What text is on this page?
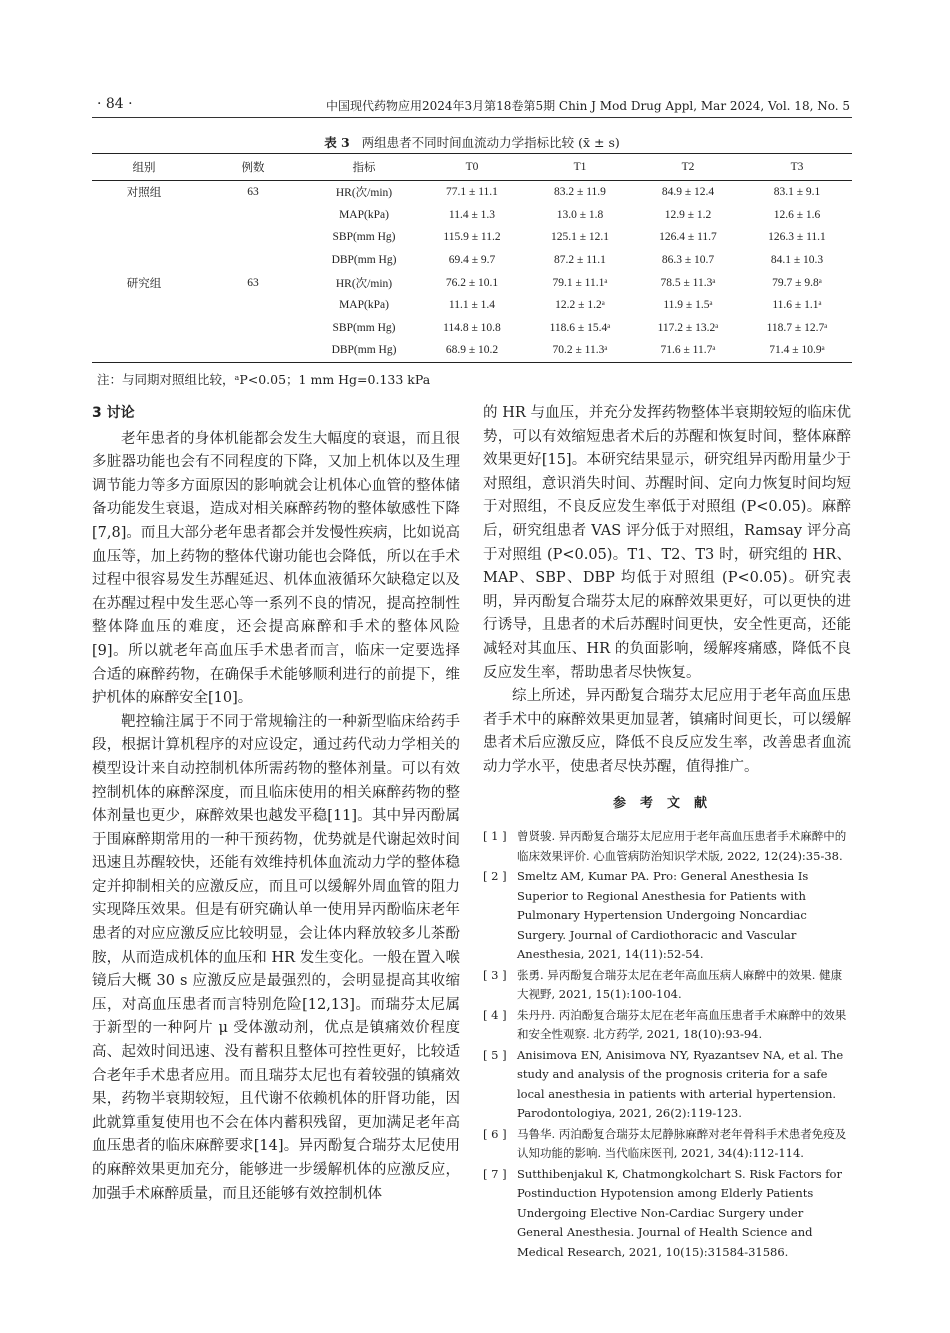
· 84 ·	中国现代药物应用2024年3月第18卷第5期 Chin J Mod Drug Appl, Mar 2024, Vol. 18, No. 5
表 3 两组患者不同时间血流动力学指标比较 (x̄ ± s)
组别	例数	指标	T0	T1	T2	T3
对照组	63	HR(次/min)	77.1 ± 11.1	83.2 ± 11.9	84.9 ± 12.4	83.1 ± 9.1
		MAP(kPa)	11.4 ± 1.3	13.0 ± 1.8	12.9 ± 1.2	12.6 ± 1.6
		SBP(mm Hg)	115.9 ± 11.2	125.1 ± 12.1	126.4 ± 11.7	126.3 ± 11.1
		DBP(mm Hg)	69.4 ± 9.7	87.2 ± 11.1	86.3 ± 10.7	84.1 ± 10.3
研究组	63	HR(次/min)	76.2 ± 10.1	79.1 ± 11.1ᵃ	78.5 ± 11.3ᵃ	79.7 ± 9.8ᵃ
		MAP(kPa)	11.1 ± 1.4	12.2 ± 1.2ᵃ	11.9 ± 1.5ᵃ	11.6 ± 1.1ᵃ
		SBP(mm Hg)	114.8 ± 10.8	118.6 ± 15.4ᵃ	117.2 ± 13.2ᵃ	118.7 ± 12.7ᵃ
		DBP(mm Hg)	68.9 ± 10.2	70.2 ± 11.3ᵃ	71.6 ± 11.7ᵃ	71.4 ± 10.9ᵃ
注：与同期对照组比较，ᵃP<0.05；1 mm Hg=0.133 kPa
3 讨论

老年患者的身体机能都会发生大幅度的衰退，而且很多脏器功能也会有不同程度的下降，又加上机体以及生理调节能力等多方面原因的影响就会让机体心血管的整体储备功能发生衰退，造成对相关麻醉药物的整体敏感性下降[7,8]。而且大部分老年患者都会并发慢性疾病，比如说高血压等，加上药物的整体代谢功能也会降低，所以在手术过程中很容易发生苏醒延迟、机体血液循环欠缺稳定以及在苏醒过程中发生恶心等一系列不良的情况，提高控制性整体降血压的难度，还会提高麻醉和手术的整体风险[9]。所以就老年高血压手术患者而言，临床一定要选择合适的麻醉药物，在确保手术能够顺利进行的前提下，维护机体的麻醉安全[10]。

靶控输注属于不同于常规输注的一种新型临床给药手段，根据计算机程序的对应设定，通过药代动力学相关的模型设计来自动控制机体所需药物的整体剂量。可以有效控制机体的麻醉深度，而且临床使用的相关麻醉药物的整体剂量也更少，麻醉效果也越发平稳[11]。其中异丙酚属于围麻醉期常用的一种干预药物，优势就是代谢起效时间迅速且苏醒较快，还能有效维持机体血流动力学的整体稳定并抑制相关的应激反应，而且可以缓解外周血管的阻力实现降压效果。但是有研究确认单一使用异丙酚临床老年患者的对应应激反应比较明显，会让体内释放较多儿茶酚胺，从而造成机体的血压和 HR 发生变化。一般在置入喉镜后大概 30 s 应激反应是最强烈的，会明显提高其收缩压，对高血压患者而言特别危险[12,13]。而瑞芬太尼属于新型的一种阿片 μ 受体激动剂，优点是镇痛效价程度高、起效时间迅速、没有蓄积且整体可控性更好，比较适合老年手术患者应用。而且瑞芬太尼也有着较强的镇痛效果，药物半衰期较短，且代谢不依赖机体的肝肾功能，因此就算重复使用也不会在体内蓄积残留，更加满足老年高血压患者的临床麻醉要求[14]。异丙酚复合瑞芬太尼使用的麻醉效果更加充分，能够进一步缓解机体的应激反应，加强手术麻醉质量，而且还能够有效控制机体

的 HR 与血压，并充分发挥药物整体半衰期较短的临床优势，可以有效缩短患者术后的苏醒和恢复时间，整体麻醉效果更好[15]。本研究结果显示，研究组异丙酚用量少于对照组，意识消失时间、苏醒时间、定向力恢复时间均短于对照组，不良反应发生率低于对照组 (P<0.05)。麻醉后，研究组患者 VAS 评分低于对照组，Ramsay 评分高于对照组 (P<0.05)。T1、T2、T3 时，研究组的 HR、MAP、SBP、DBP 均低于对照组 (P<0.05)。研究表明，异丙酚复合瑞芬太尼的麻醉效果更好，可以更快的进行诱导，且患者的术后苏醒时间更快，安全性更高，还能减轻对其血压、HR 的负面影响，缓解疼痛感，降低不良反应发生率，帮助患者尽快恢复。

综上所述，异丙酚复合瑞芬太尼应用于老年高血压患者手术中的麻醉效果更加显著，镇痛时间更长，可以缓解患者术后应激反应，降低不良反应发生率，改善患者血流动力学水平，使患者尽快苏醒，值得推广。

参考文献
[ 1 ] 曾贤骏. 异丙酚复合瑞芬太尼应用于老年高血压患者手术麻醉中的临床效果评价. 心血管病防治知识学术版, 2022, 12(24):35-38.
[ 2 ] Smeltz AM, Kumar PA. Pro: General Anesthesia Is Superior to Regional Anesthesia for Patients with Pulmonary Hypertension Undergoing Noncardiac Surgery. Journal of Cardiothoracic and Vascular Anesthesia, 2021, 14(11):52-54.
[ 3 ] 张勇. 异丙酚复合瑞芬太尼在老年高血压病人麻醉中的效果. 健康大视野, 2021, 15(1):100-104.
[ 4 ] 朱丹丹. 丙泊酚复合瑞芬太尼在老年高血压患者手术麻醉中的效果和安全性观察. 北方药学, 2021, 18(10):93-94.
[ 5 ] Anisimova EN, Anisimova NY, Ryazantsev NA, et al. The study and analysis of the prognosis criteria for a safe local anesthesia in patients with arterial hypertension. Parodontologiya, 2021, 26(2):119-123.
[ 6 ] 马鲁华. 丙泊酚复合瑞芬太尼静脉麻醉对老年骨科手术患者免疫及认知功能的影响. 当代临床医刊, 2021, 34(4):112-114.
[ 7 ] Sutthibenjakul K, Chatmongkolchart S. Risk Factors for Postinduction Hypotension among Elderly Patients Undergoing Elective Non-Cardiac Surgery under General Anesthesia. Journal of Health Science and Medical Research, 2021, 10(15):31584-31586.
